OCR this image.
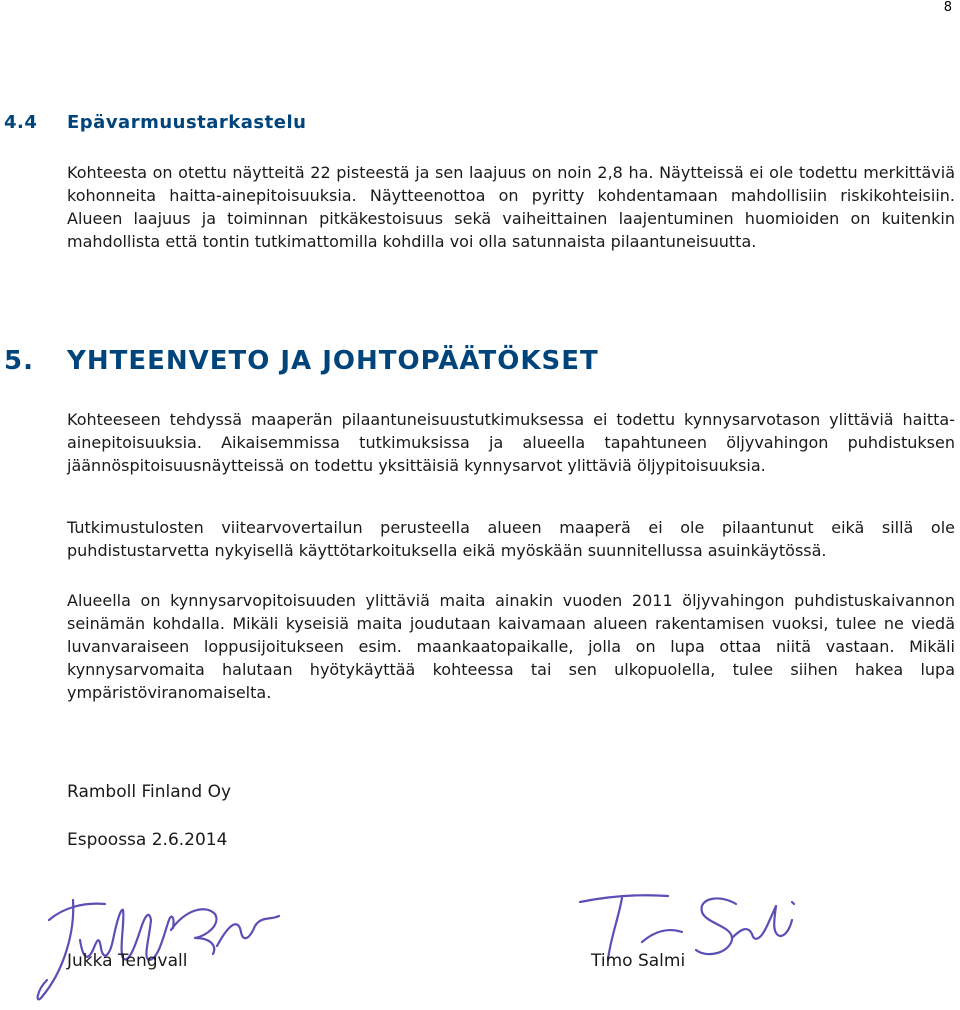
8
4.4 Epävarmuustarkastelu
Kohteesta on otettu näytteitä 22 pisteestä ja sen laajuus on noin 2,8 ha. Näytteissä ei ole todettu merkittäviä kohonneita haitta-ainepitoisuuksia. Näytteenottoa on pyritty kohdentamaan mahdollisiin riskikohteisiin. Alueen laajuus ja toiminnan pitkäkestoisuus sekä vaiheittainen laajentuminen huomioiden on kuitenkin mahdollista että tontin tutkimattomilla kohdilla voi olla satunnaista pilaantuneisuutta.
5. YHTEENVETO JA JOHTOPÄÄTÖKSET
Kohteeseen tehdyssä maaperän pilaantuneisuustutkimuksessa ei todettu kynnysarvotason ylittäviä haitta-ainepitoisuuksia. Aikaisemmissa tutkimuksissa ja alueella tapahtuneen öljyvahingon puhdistuksen jäännöspitoisuusnäytteissä on todettu yksittäisiä kynnysarvot ylittäviä öljypitoisuuksia.
Tutkimustulosten viitearvovertailun perusteella alueen maaperä ei ole pilaantunut eikä sillä ole puhdistustarvetta nykyisellä käyttötarkoituksella eikä myöskään suunnitellussa asuinkäytössä.
Alueella on kynnysarvopitoisuuden ylittäviä maita ainakin vuoden 2011 öljyvahingon puhdistuskaivannon seinämän kohdalla. Mikäli kyseisiä maita joudutaan kaivamaan alueen rakentamisen vuoksi, tulee ne viedä luvanvaraiseen loppusijoitukseen esim. maankaatopaikalle, jolla on lupa ottaa niitä vastaan. Mikäli kynnysarvomaita halutaan hyötykäyttää kohteessa tai sen ulkopuolella, tulee siihen hakea lupa ympäristöviranomaiselta.
Ramboll Finland Oy
Espoossa 2.6.2014
Jukka Tengvall	Timo Salmi
